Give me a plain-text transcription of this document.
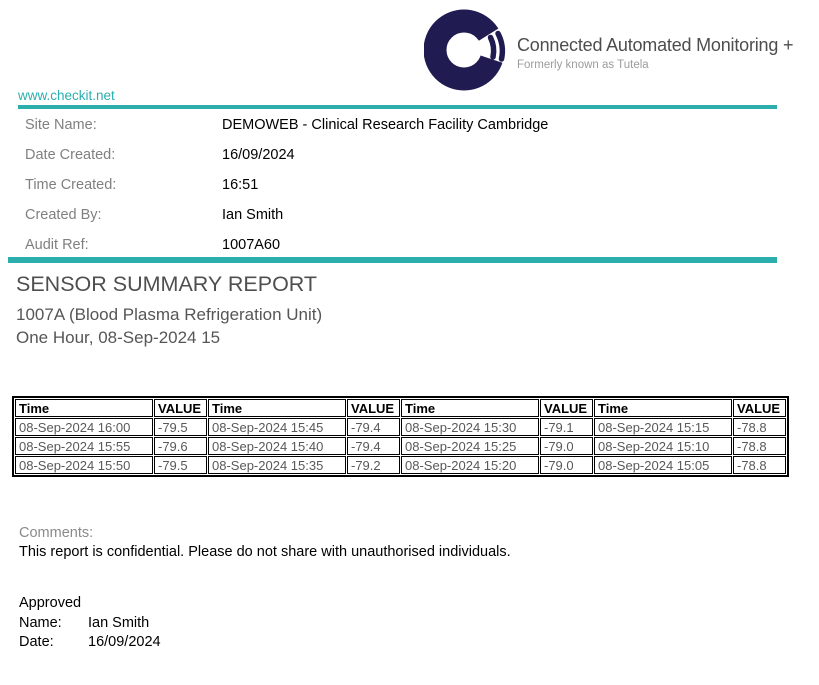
Connected Automated Monitoring +
Formerly known as Tutela
www.checkit.net
Site Name:	DEMOWEB - Clinical Research Facility Cambridge
Date Created:	16/09/2024
Time Created:	16:51
Created By:	Ian Smith
Audit Ref:	1007A60
SENSOR SUMMARY REPORT
1007A (Blood Plasma Refrigeration Unit)
One Hour, 08-Sep-2024 15
Time	VALUE	Time	VALUE	Time	VALUE	Time	VALUE
08-Sep-2024 16:00	-79.5	08-Sep-2024 15:45	-79.4	08-Sep-2024 15:30	-79.1	08-Sep-2024 15:15	-78.8
08-Sep-2024 15:55	-79.6	08-Sep-2024 15:40	-79.4	08-Sep-2024 15:25	-79.0	08-Sep-2024 15:10	-78.8
08-Sep-2024 15:50	-79.5	08-Sep-2024 15:35	-79.2	08-Sep-2024 15:20	-79.0	08-Sep-2024 15:05	-78.8
Comments:
This report is confidential. Please do not share with unauthorised individuals.
Approved
Name:	Ian Smith
Date:	16/09/2024
